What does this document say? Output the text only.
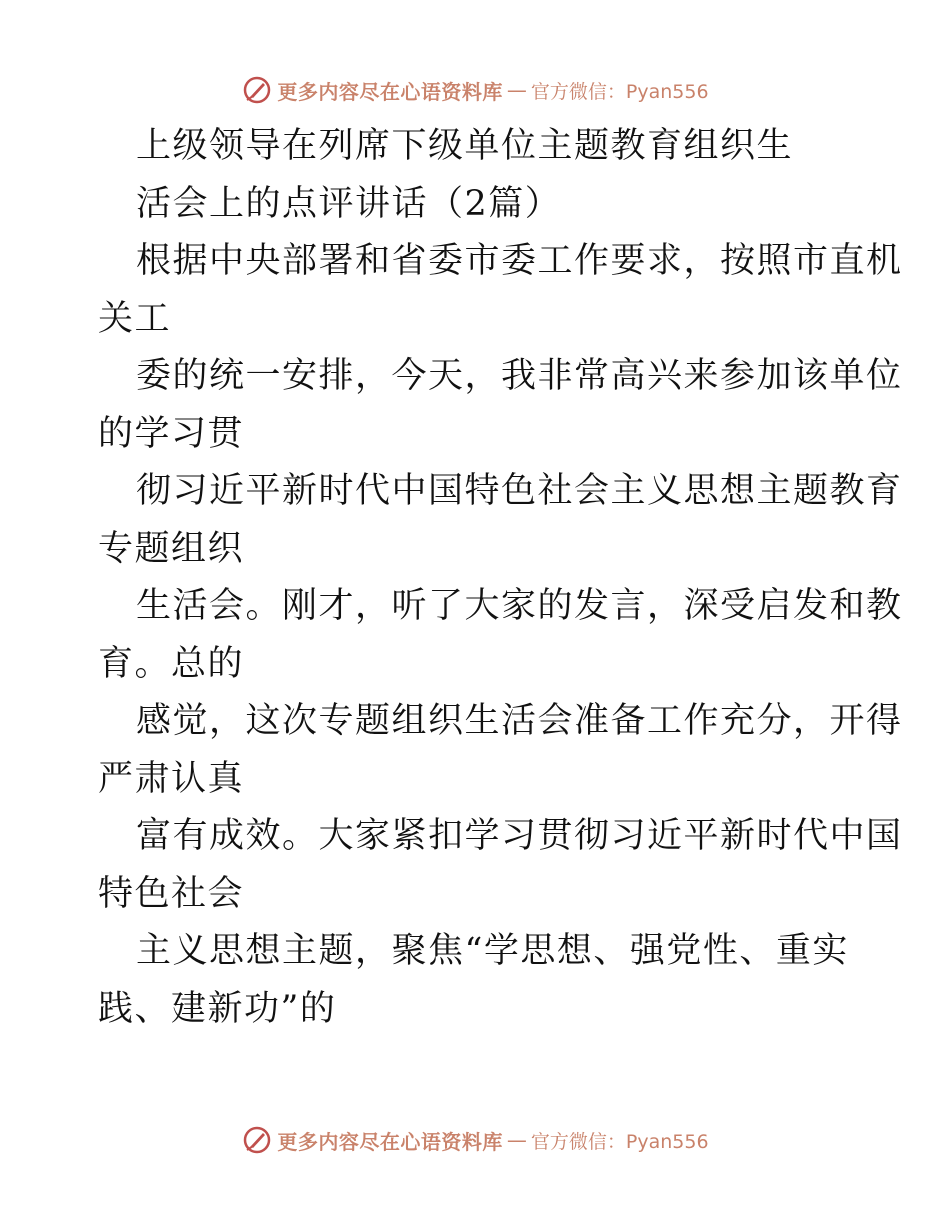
更多内容尽在心语资料库 — 官方微信：Pyan556
上级领导在列席下级单位主题教育组织生
活会上的点评讲话（2篇）
根据中央部署和省委市委工作要求，按照市直机
关工
委的统一安排，今天，我非常高兴来参加该单位
的学习贯
彻习近平新时代中国特色社会主义思想主题教育
专题组织
生活会。刚才，听了大家的发言，深受启发和教
育。总的
感觉，这次专题组织生活会准备工作充分，开得
严肃认真
富有成效。大家紧扣学习贯彻习近平新时代中国
特色社会
主义思想主题，聚焦“学思想、强党性、重实
践、建新功”的
更多内容尽在心语资料库 — 官方微信：Pyan556
